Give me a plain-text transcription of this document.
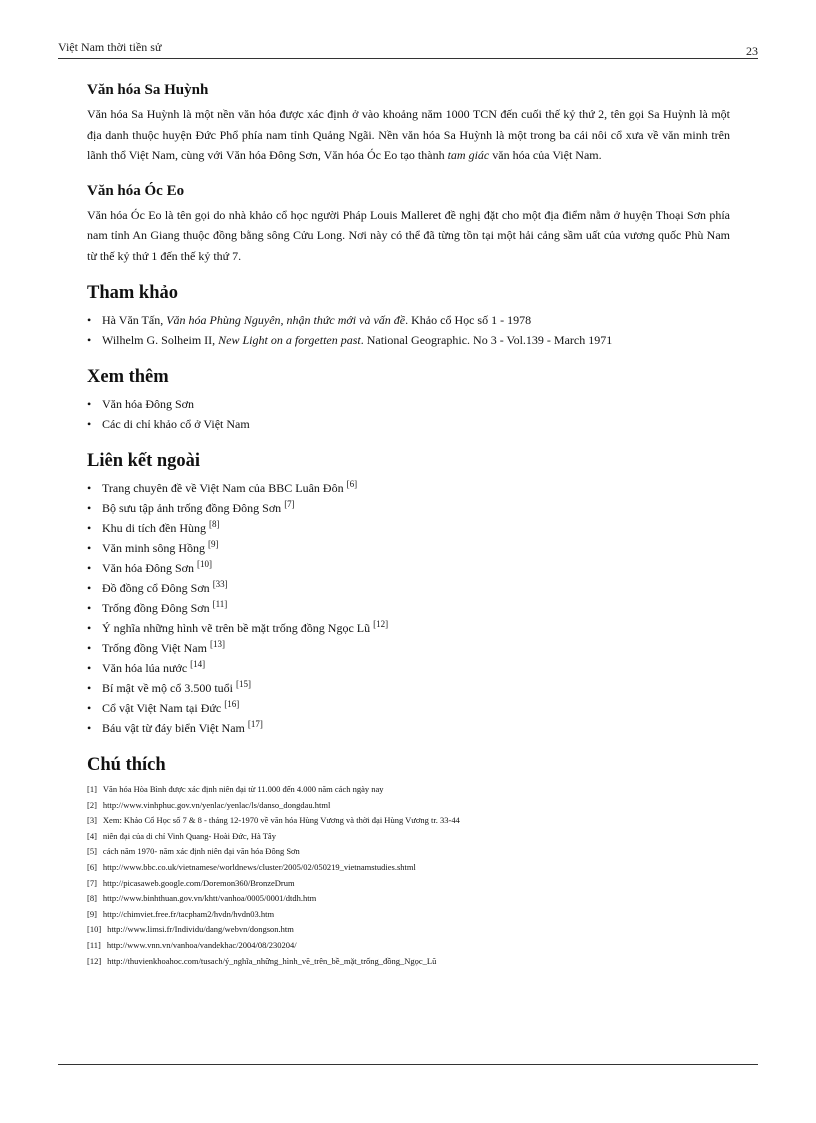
Việt Nam thời tiền sử	23
Văn hóa Sa Huỳnh

Văn hóa Sa Huỳnh là một nền văn hóa được xác định ở vào khoảng năm 1000 TCN đến cuối thế kỷ thứ 2, tên gọi Sa Huỳnh là một địa danh thuộc huyện Đức Phổ phía nam tỉnh Quảng Ngãi. Nền văn hóa Sa Huỳnh là một trong ba cái nôi cổ xưa về văn minh trên lãnh thổ Việt Nam, cùng với Văn hóa Đông Sơn, Văn hóa Óc Eo tạo thành tam giác văn hóa của Việt Nam.

Văn hóa Óc Eo

Văn hóa Óc Eo là tên gọi do nhà khảo cổ học người Pháp Louis Malleret đề nghị đặt cho một địa điểm nằm ở huyện Thoại Sơn phía nam tỉnh An Giang thuộc đồng bằng sông Cửu Long. Nơi này có thể đã từng tồn tại một hải cảng sầm uất của vương quốc Phù Nam từ thế kỷ thứ 1 đến thế kỷ thứ 7.

Tham khảo
• Hà Văn Tấn, Văn hóa Phùng Nguyên, nhận thức mới và vấn đề. Khảo cổ Học số 1 - 1978
• Wilhelm G. Solheim II, New Light on a forgetten past. National Geographic. No 3 - Vol.139 - March 1971
Xem thêm
• Văn hóa Đông Sơn
• Các di chỉ khảo cổ ở Việt Nam
Liên kết ngoài
• Trang chuyên đề về Việt Nam của BBC Luân Đôn [6]
• Bộ sưu tập ảnh trống đồng Đông Sơn [7]
• Khu di tích đền Hùng [8]
• Văn minh sông Hồng [9]
• Văn hóa Đông Sơn [10]
• Đồ đồng cổ Đông Sơn [33]
• Trống đồng Đông Sơn [11]
• Ý nghĩa những hình vẽ trên bề mặt trống đồng Ngọc Lũ [12]
• Trống đồng Việt Nam [13]
• Văn hóa lúa nước [14]
• Bí mật về mộ cổ 3.500 tuổi [15]
• Cổ vật Việt Nam tại Đức [16]
• Báu vật từ đáy biển Việt Nam [17]
Chú thích
[1] Văn hóa Hòa Bình được xác định niên đại từ 11.000 đến 4.000 năm cách ngày nay
[2] http://www.vinhphuc.gov.vn/yenlac/yenlac/ls/danso_dongdau.html
[3] Xem: Khảo Cổ Học số 7 & 8 - tháng 12-1970 về văn hóa Hùng Vương và thời đại Hùng Vương tr. 33-44
[4] niên đại của di chỉ Vinh Quang- Hoài Đức, Hà Tây
[5] cách năm 1970- năm xác định niên đại văn hóa Đông Sơn
[6] http://www.bbc.co.uk/vietnamese/worldnews/cluster/2005/02/050219_vietnamstudies.shtml
[7] http://picasaweb.google.com/Doremon360/BronzeDrum
[8] http://www.binhthuan.gov.vn/khtt/vanhoa/0005/0001/dtdh.htm
[9] http://chimviet.free.fr/tacpham2/hvdn/hvdn03.htm
[10] http://www.limsi.fr/Individu/dang/webvn/dongson.htm
[11] http://www.vnn.vn/vanhoa/vandekhac/2004/08/230204/
[12] http://thuvienkhoahoc.com/tusach/ý_nghĩa_những_hình_vẽ_trên_bề_mặt_trống_đồng_Ngọc_Lũ
